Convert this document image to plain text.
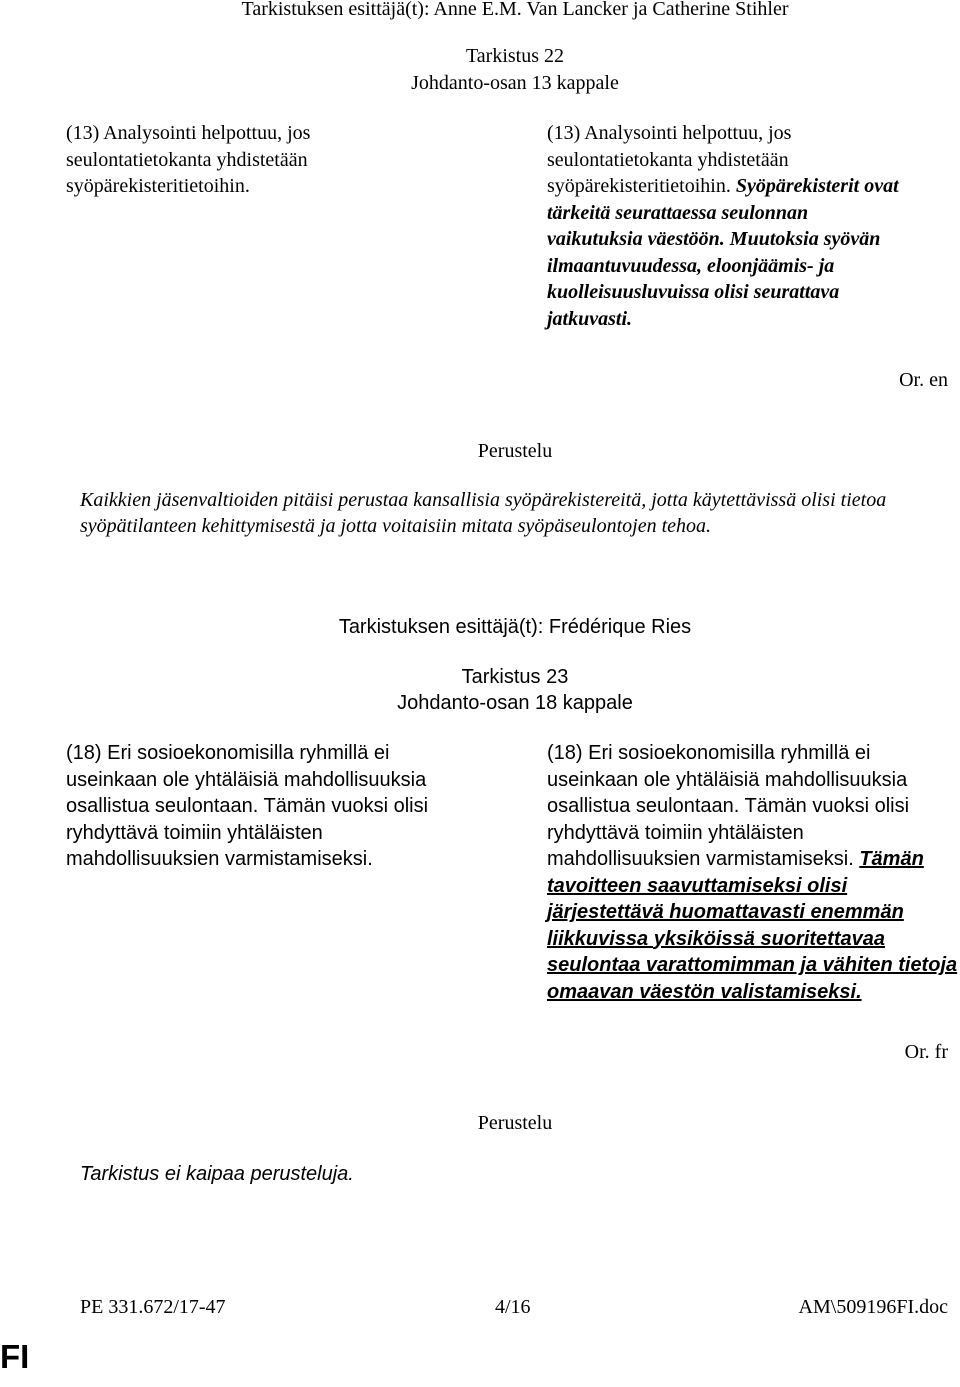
Tarkistuksen esittäjä(t): Anne E.M. Van Lancker ja Catherine Stihler
Tarkistus 22
Johdanto-osan 13 kappale
(13) Analysointi helpottuu, jos seulontatietokanta yhdistetään syöpärekisteritietoihin.
(13) Analysointi helpottuu, jos seulontatietokanta yhdistetään syöpärekisteritietoihin. Syöpärekisterit ovat tärkeitä seurattaessa seulonnan vaikutuksia väestöön. Muutoksia syövän ilmaantuvuudessa, eloonjäämis- ja kuolleisuusluvuissa olisi seurattava jatkuvasti.
Or. en
Perustelu
Kaikkien jäsenvaltioiden pitäisi perustaa kansallisia syöpärekistereitä, jotta käytettävissä olisi tietoa syöpätilanteen kehittymisestä ja jotta voitaisiin mitata syöpäseulontojen tehoa.
Tarkistuksen esittäjä(t): Frédérique Ries
Tarkistus 23
Johdanto-osan 18 kappale
(18) Eri sosioekonomisilla ryhmillä ei useinkaan ole yhtäläisiä mahdollisuuksia osallistua seulontaan. Tämän vuoksi olisi ryhdyttävä toimiin yhtäläisten mahdollisuuksien varmistamiseksi.
(18) Eri sosioekonomisilla ryhmillä ei useinkaan ole yhtäläisiä mahdollisuuksia osallistua seulontaan. Tämän vuoksi olisi ryhdyttävä toimiin yhtäläisten mahdollisuuksien varmistamiseksi. Tämän tavoitteen saavuttamiseksi olisi järjestettävä huomattavasti enemmän liikkuvissa yksiköissä suoritettavaa seulontaa varattomimman ja vähiten tietoja omaavan väestön valistamiseksi.
Or. fr
Perustelu
Tarkistus ei kaipaa perusteluja.
PE 331.672/17-47	4/16	AM\509196FI.doc
FI
